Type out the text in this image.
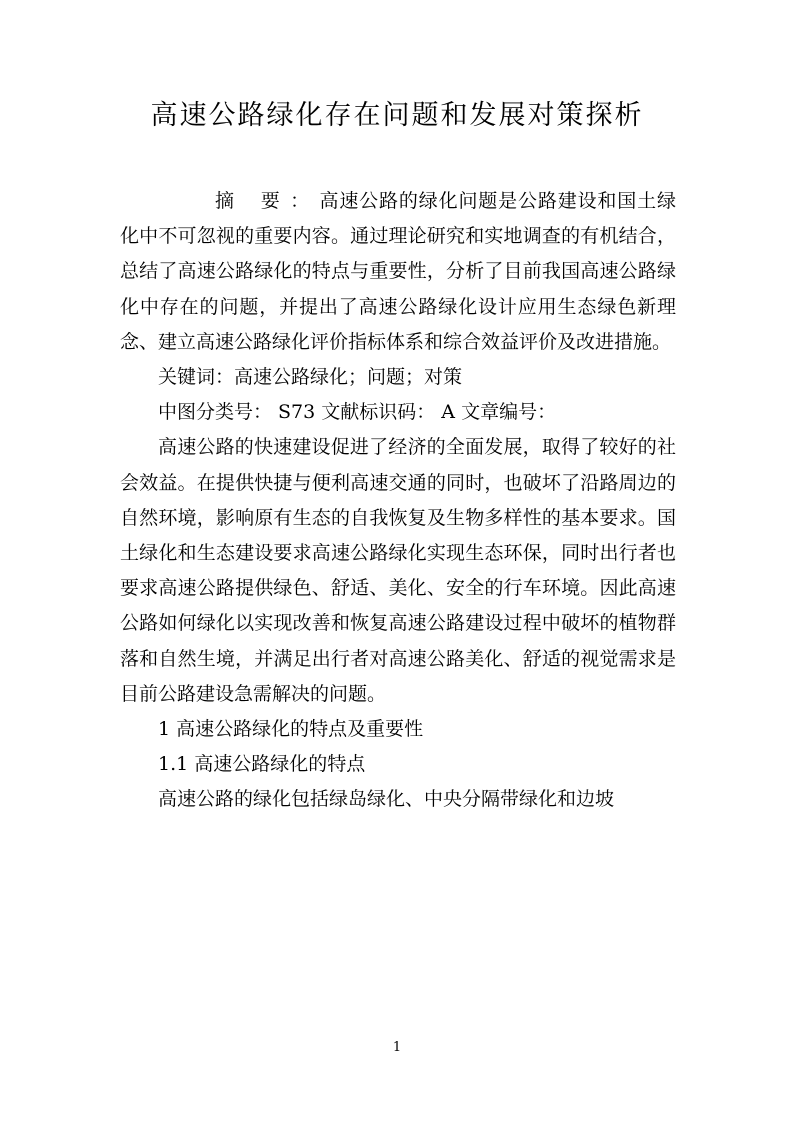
高速公路绿化存在问题和发展对策探析

摘 要：高速公路的绿化问题是公路建设和国土绿化中不可忽视的重要内容。通过理论研究和实地调查的有机结合，总结了高速公路绿化的特点与重要性，分析了目前我国高速公路绿化中存在的问题，并提出了高速公路绿化设计应用生态绿色新理念、建立高速公路绿化评价指标体系和综合效益评价及改进措施。

关键词：高速公路绿化；问题；对策

中图分类号： S73 文献标识码： A 文章编号：

高速公路的快速建设促进了经济的全面发展，取得了较好的社会效益。在提供快捷与便利高速交通的同时，也破坏了沿路周边的自然环境，影响原有生态的自我恢复及生物多样性的基本要求。国土绿化和生态建设要求高速公路绿化实现生态环保，同时出行者也要求高速公路提供绿色、舒适、美化、安全的行车环境。因此高速公路如何绿化以实现改善和恢复高速公路建设过程中破坏的植物群落和自然生境，并满足出行者对高速公路美化、舒适的视觉需求是目前公路建设急需解决的问题。

1 高速公路绿化的特点及重要性

1.1 高速公路绿化的特点

高速公路的绿化包括绿岛绿化、中央分隔带绿化和边坡

1
